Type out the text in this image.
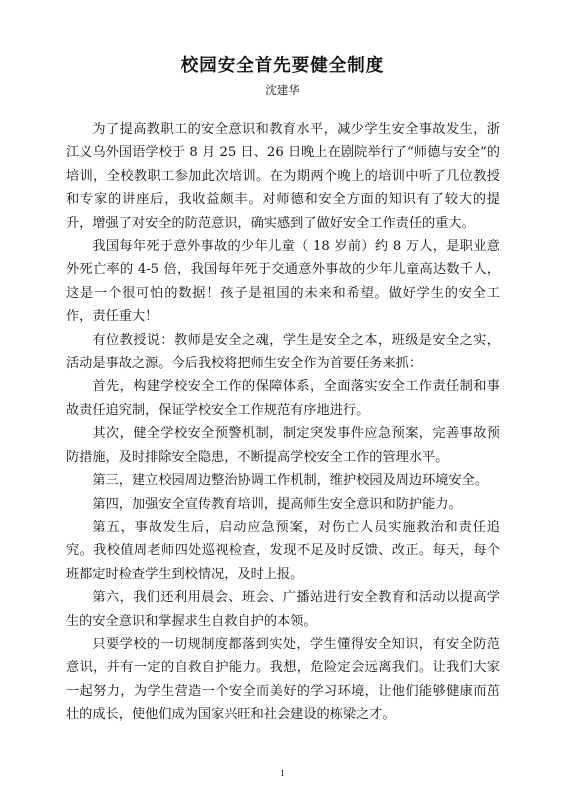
校园安全首先要健全制度
沈建华

为了提高教职工的安全意识和教育水平，减少学生安全事故发生，浙江义乌外国语学校于 8 月 25 日、26 日晚上在剧院举行了“师德与安全”的培训，全校教职工参加此次培训。在为期两个晚上的培训中听了几位教授和专家的讲座后，我收益颇丰。对师德和安全方面的知识有了较大的提升，增强了对安全的防范意识，确实感到了做好安全工作责任的重大。

我国每年死于意外事故的少年儿童（ 18 岁前）约 8 万人，是职业意外死亡率的 4-5 倍，我国每年死于交通意外事故的少年儿童高达数千人，这是一个很可怕的数据！孩子是祖国的未来和希望。做好学生的安全工作，责任重大！

有位教授说：教师是安全之魂，学生是安全之本，班级是安全之实，活动是事故之源。今后我校将把师生安全作为首要任务来抓：

首先，构建学校安全工作的保障体系，全面落实安全工作责任制和事故责任追究制，保证学校安全工作规范有序地进行。

其次，健全学校安全预警机制，制定突发事件应急预案，完善事故预防措施，及时排除安全隐患，不断提高学校安全工作的管理水平。

第三，建立校园周边整治协调工作机制，维护校园及周边环境安全。

第四，加强安全宣传教育培训，提高师生安全意识和防护能力。

第五，事故发生后，启动应急预案，对伤亡人员实施救治和责任追究。我校值周老师四处巡视检查，发现不足及时反馈、改正。每天，每个班都定时检查学生到校情况，及时上报。

第六，我们还利用晨会、班会、广播站进行安全教育和活动以提高学生的安全意识和掌握求生自救自护的本领。

只要学校的一切规制度都落到实处，学生懂得安全知识，有安全防范意识，并有一定的自救自护能力。我想，危险定会远离我们。让我们大家一起努力，为学生营造一个安全而美好的学习环境，让他们能够健康而茁壮的成长，使他们成为国家兴旺和社会建设的栋梁之才。

1
